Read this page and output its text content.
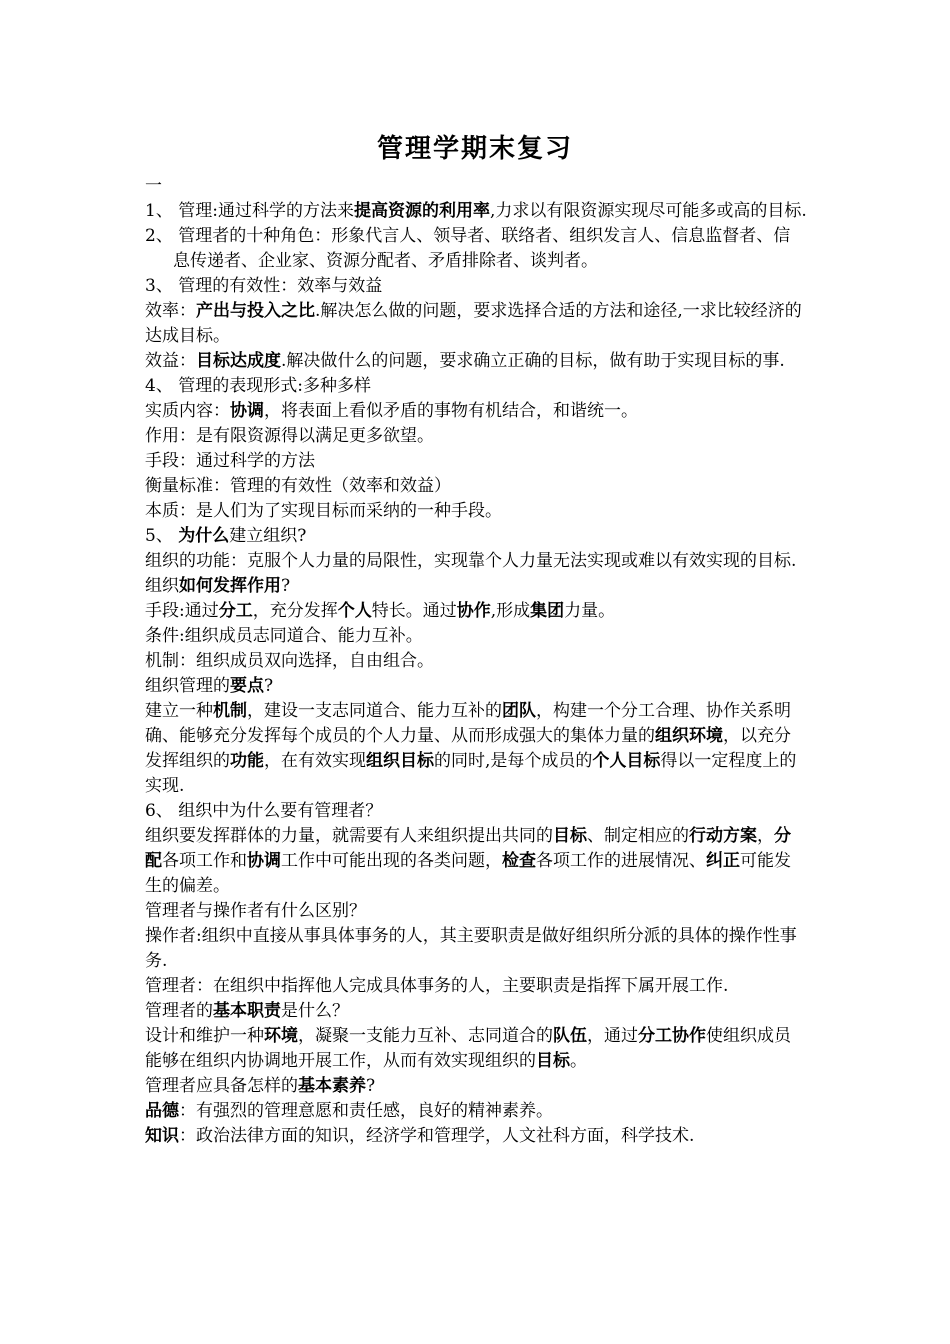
管理学期末复习

一

1、 管理:通过科学的方法来提高资源的利用率,力求以有限资源实现尽可能多或高的目标.

2、 管理者的十种角色：形象代言人、领导者、联络者、组织发言人、信息监督者、信息传递者、企业家、资源分配者、矛盾排除者、谈判者。

3、 管理的有效性：效率与效益

效率：产出与投入之比.解决怎么做的问题，要求选择合适的方法和途径,一求比较经济的达成目标。

效益：目标达成度.解决做什么的问题，要求确立正确的目标，做有助于实现目标的事.

4、 管理的表现形式:多种多样

实质内容：协调，将表面上看似矛盾的事物有机结合，和谐统一。

作用：是有限资源得以满足更多欲望。

手段：通过科学的方法

衡量标准：管理的有效性（效率和效益）

本质：是人们为了实现目标而采纳的一种手段。

5、 为什么建立组织?

组织的功能：克服个人力量的局限性，实现靠个人力量无法实现或难以有效实现的目标.

组织如何发挥作用?

手段:通过分工，充分发挥个人特长。通过协作,形成集团力量。

条件:组织成员志同道合、能力互补。

机制：组织成员双向选择，自由组合。

组织管理的要点?

建立一种机制，建设一支志同道合、能力互补的团队，构建一个分工合理、协作关系明确、能够充分发挥每个成员的个人力量、从而形成强大的集体力量的组织环境，以充分发挥组织的功能，在有效实现组织目标的同时,是每个成员的个人目标得以一定程度上的实现.

6、 组织中为什么要有管理者？

组织要发挥群体的力量，就需要有人来组织提出共同的目标、制定相应的行动方案，分配各项工作和协调工作中可能出现的各类问题，检查各项工作的进展情况、纠正可能发生的偏差。

管理者与操作者有什么区别？

操作者:组织中直接从事具体事务的人，其主要职责是做好组织所分派的具体的操作性事务.

管理者：在组织中指挥他人完成具体事务的人，主要职责是指挥下属开展工作.

管理者的基本职责是什么？

设计和维护一种环境，凝聚一支能力互补、志同道合的队伍，通过分工协作使组织成员能够在组织内协调地开展工作，从而有效实现组织的目标。

管理者应具备怎样的基本素养?

品德：有强烈的管理意愿和责任感，良好的精神素养。

知识：政治法律方面的知识，经济学和管理学，人文社科方面，科学技术.
